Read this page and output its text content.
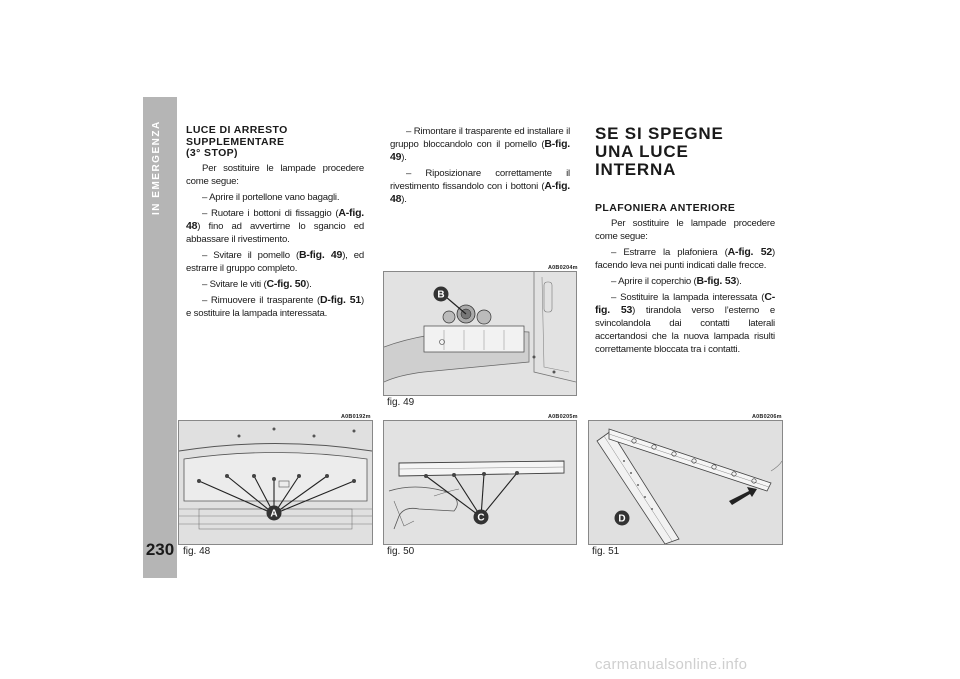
IN EMERGENZA
230
LUCE DI ARRESTO
SUPPLEMENTARE
(3° STOP)

Per sostituire le lampade procedere come segue:

– Aprire il portellone vano bagagli.

– Ruotare i bottoni di fissaggio (A-fig. 48) fino ad avvertirne lo sgancio ed abbassare il rivestimento.

– Svitare il pomello (B-fig. 49), ed estrarre il gruppo completo.

– Svitare le viti (C-fig. 50).

– Rimuovere il trasparente (D-fig. 51) e sostituire la lampada interessata.

– Rimontare il trasparente ed installare il gruppo bloccandolo con il pomello (B-fig. 49).

– Riposizionare correttamente il rivestimento fissandolo con i bottoni (A-fig. 48).

SE SI SPEGNE
UNA LUCE INTERNA
PLAFONIERA ANTERIORE

Per sostituire le lampade procedere come segue:

– Estrarre la plafoniera (A-fig. 52) facendo leva nei punti indicati dalle frecce.

– Aprire il coperchio (B-fig. 53).

– Sostituire la lampada interessata (C-fig. 53) tirandola verso l’esterno e svincolandola dai contatti laterali accertandosi che la nuova lampada risulti correttamente bloccata tra i contatti.

A0B0204m
B
fig. 49
A0B0192m
A
fig. 48
A0B0205m
C
fig. 50
A0B0206m
D
fig. 51
carmanualsonline.info
